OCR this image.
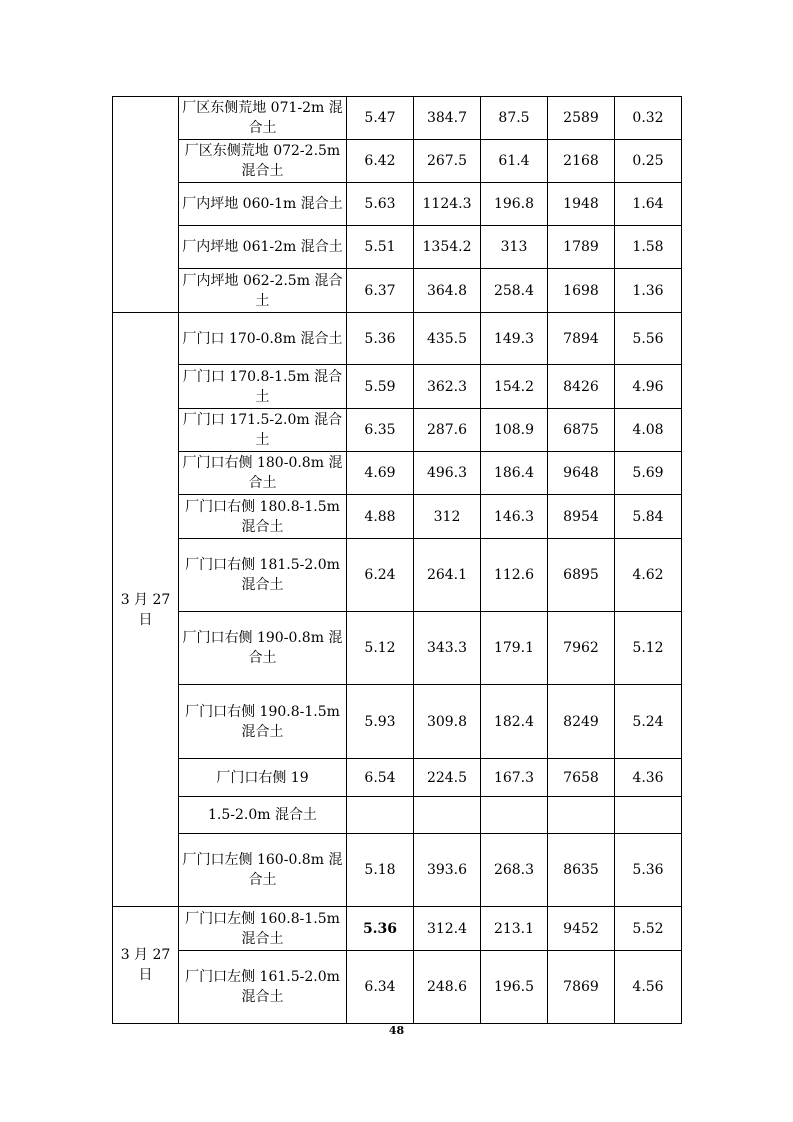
	厂区东侧荒地 071-2m 混合土	5.47	384.7	87.5	2589	0.32
	厂区东侧荒地 072-2.5m 混合土	6.42	267.5	61.4	2168	0.25
	厂内坪地 060-1m 混合土	5.63	1124.3	196.8	1948	1.64
	厂内坪地 061-2m 混合土	5.51	1354.2	313	1789	1.58
	厂内坪地 062-2.5m 混合土	6.37	364.8	258.4	1698	1.36
3 月 27 日	厂门口 170-0.8m 混合土	5.36	435.5	149.3	7894	5.56
	厂门口 170.8-1.5m 混合土	5.59	362.3	154.2	8426	4.96
	厂门口 171.5-2.0m 混合土	6.35	287.6	108.9	6875	4.08
	厂门口右侧 180-0.8m 混合土	4.69	496.3	186.4	9648	5.69
	厂门口右侧 180.8-1.5m 混合土	4.88	312	146.3	8954	5.84
	厂门口右侧 181.5-2.0m 混合土	6.24	264.1	112.6	6895	4.62
	厂门口右侧 190-0.8m 混合土	5.12	343.3	179.1	7962	5.12
	厂门口右侧 190.8-1.5m 混合土	5.93	309.8	182.4	8249	5.24
	厂门口右侧 19	6.54	224.5	167.3	7658	4.36
	1.5-2.0m 混合土					
	厂门口左侧 160-0.8m 混合土	5.18	393.6	268.3	8635	5.36
3 月 27 日	厂门口左侧 160.8-1.5m 混合土	5.36	312.4	213.1	9452	5.52
	厂门口左侧 161.5-2.0m 混合土	6.34	248.6	196.5	7869	4.56
48
